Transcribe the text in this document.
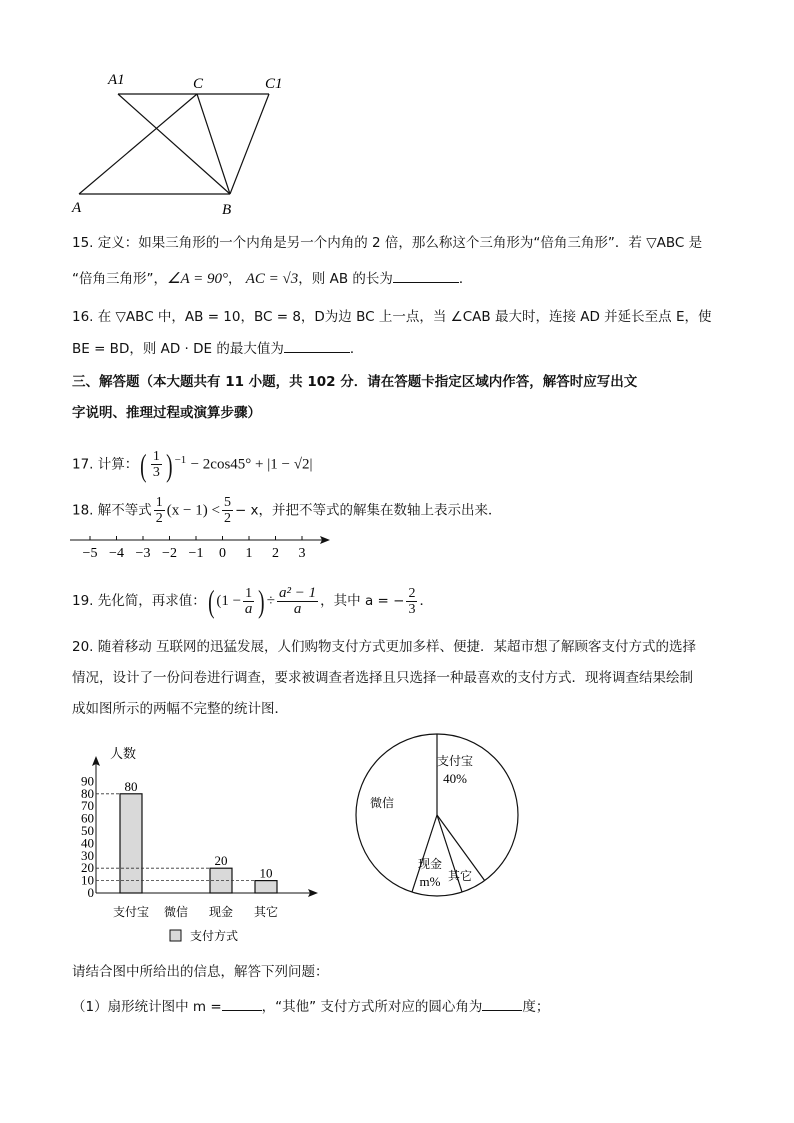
A1	C	C1
A	B
15. 定义：如果三角形的一个内角是另一个内角的 2 倍，那么称这个三角形为“倍角三角形”．若 ▽ABC 是
“倍角三角形”，∠A = 90°， AC = √3，则 AB 的长为	．
16. 在 ▽ABC 中，AB = 10，BC = 8，D为边 BC 上一点，当 ∠CAB 最大时，连接 AD 并延长至点 E，使
BE = BD，则 AD · DE 的最大值为	．
三、解答题（本大题共有 11 小题，共 102 分．请在答题卡指定区域内作答，解答时应写出文
字说明、推理过程或演算步骤）
17. 计算：( $\frac{1}{3}$ ) $^{-1}$ − 2cos45° + |1 − √2|
18. 解不等式 $\frac{1}{2} (x - 1) < \frac{5}{2} - x$，并把不等式的解集在数轴上表示出来．
−5 −4 −3 −2 −1 0 1 2 3
19. 先化简，再求值：( ($1 - \frac{1}{a}$ ) ÷ $\frac{\text{a² − 1}}{a}$ ，其中 a = − $\frac{2}{3}$ ．
20. 随着移动 互联网的迅猛发展，人们购物支付方式更加多样、便捷．某超市想了解顾客支付方式的选择
情况，设计了一份问卷进行调查，要求被调查者选择且只选择一种最喜欢的支付方式．现将调查结果绘制
成如图所示的两幅不完整的统计图．
人数
0
10
20
30
40
50
60
70
80
90
支付宝
80
微信 现金
20
其它
10
支付方式
支付宝
40%
其它
现金
m%
微信
请结合图中所给出的信息，解答下列问题：
（1）扇形统计图中 m =	，“其他” 支付方式所对应的圆心角为	度；
